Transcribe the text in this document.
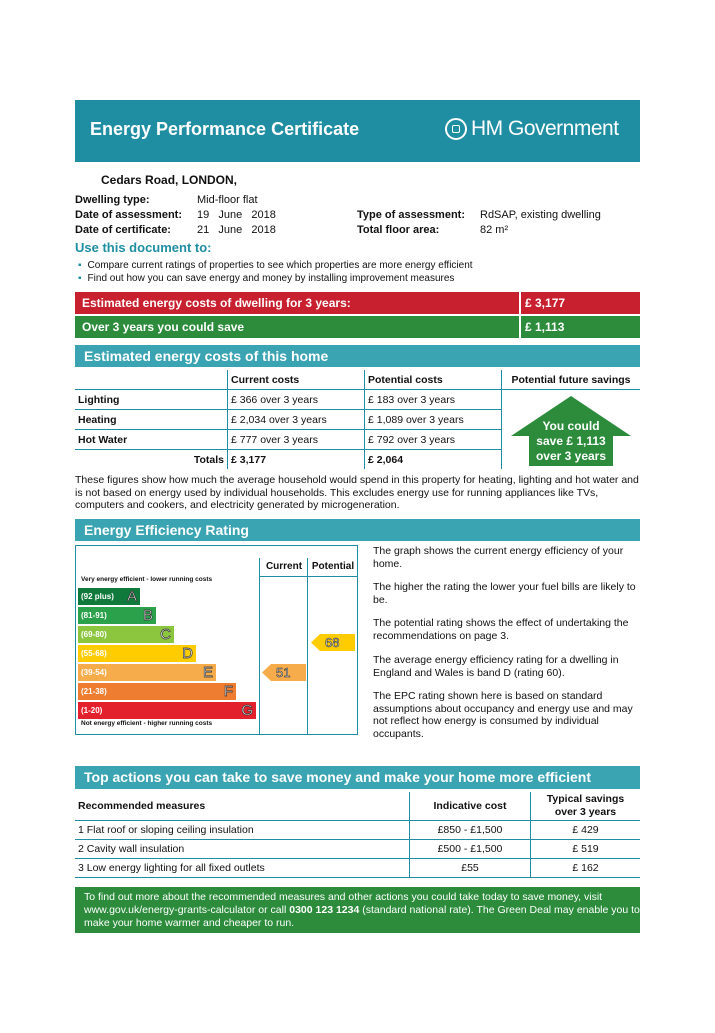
Energy Performance Certificate	HM Government
Cedars Road, LONDON,
Dwelling type:	Mid-floor flat
Date of assessment: 19   June   2018
Date of certificate: 21   June   2018
Type of assessment: RdSAP, existing dwelling
Total floor area:	82 m²
Use this document to:
▪ Compare current ratings of properties to see which properties are more energy efficient
▪ Find out how you can save energy and money by installing improvement measures
Estimated energy costs of dwelling for 3 years:	£ 3,177
Over 3 years you could save	£ 1,113
Estimated energy costs of this home
	Current costs	Potential costs	Potential future savings
Lighting	£ 366 over 3 years	£ 183 over 3 years	
Heating	£ 2,034 over 3 years	£ 1,089 over 3 years	
Hot Water	£ 777 over 3 years	£ 792 over 3 years	
Totals	£ 3,177	£ 2,064	
You could
save £ 1,113
over 3 years
These figures show how much the average household would spend in this property for heating, lighting and hot water and is not based on energy used by individual households. This excludes energy use for running appliances like TVs, computers and cookers, and electricity generated by microgeneration.
Energy Efficiency Rating
Current Potential
Very energy efficient - lower running costs
(92 plus) A
(81-91) B
(69-80)	C
(55-68)	D
(39-54)	E
(21-38)	F
(1-20)	G
Not energy efficient - higher running costs
51
68
The graph shows the current energy efficiency of your home.
The higher the rating the lower your fuel bills are likely to be.
The potential rating shows the effect of undertaking the recommendations on page 3.
The average energy efficiency rating for a dwelling in England and Wales is band D (rating 60).
The EPC rating shown here is based on standard assumptions about occupancy and energy use and may not reflect how energy is consumed by individual occupants.
Top actions you can take to save money and make your home more efficient
Recommended measures	Indicative cost	Typical savings
over 3 years

1 Flat roof or sloping ceiling insulation	£850 - £1,500	£ 429
2 Cavity wall insulation	£500 - £1,500	£ 519
3 Low energy lighting for all fixed outlets	£55	£ 162
To find out more about the recommended measures and other actions you could take today to save money, visit www.gov.uk/energy-grants-calculator or call 0300 123 1234 (standard national rate). The Green Deal may enable you to make your home warmer and cheaper to run.
